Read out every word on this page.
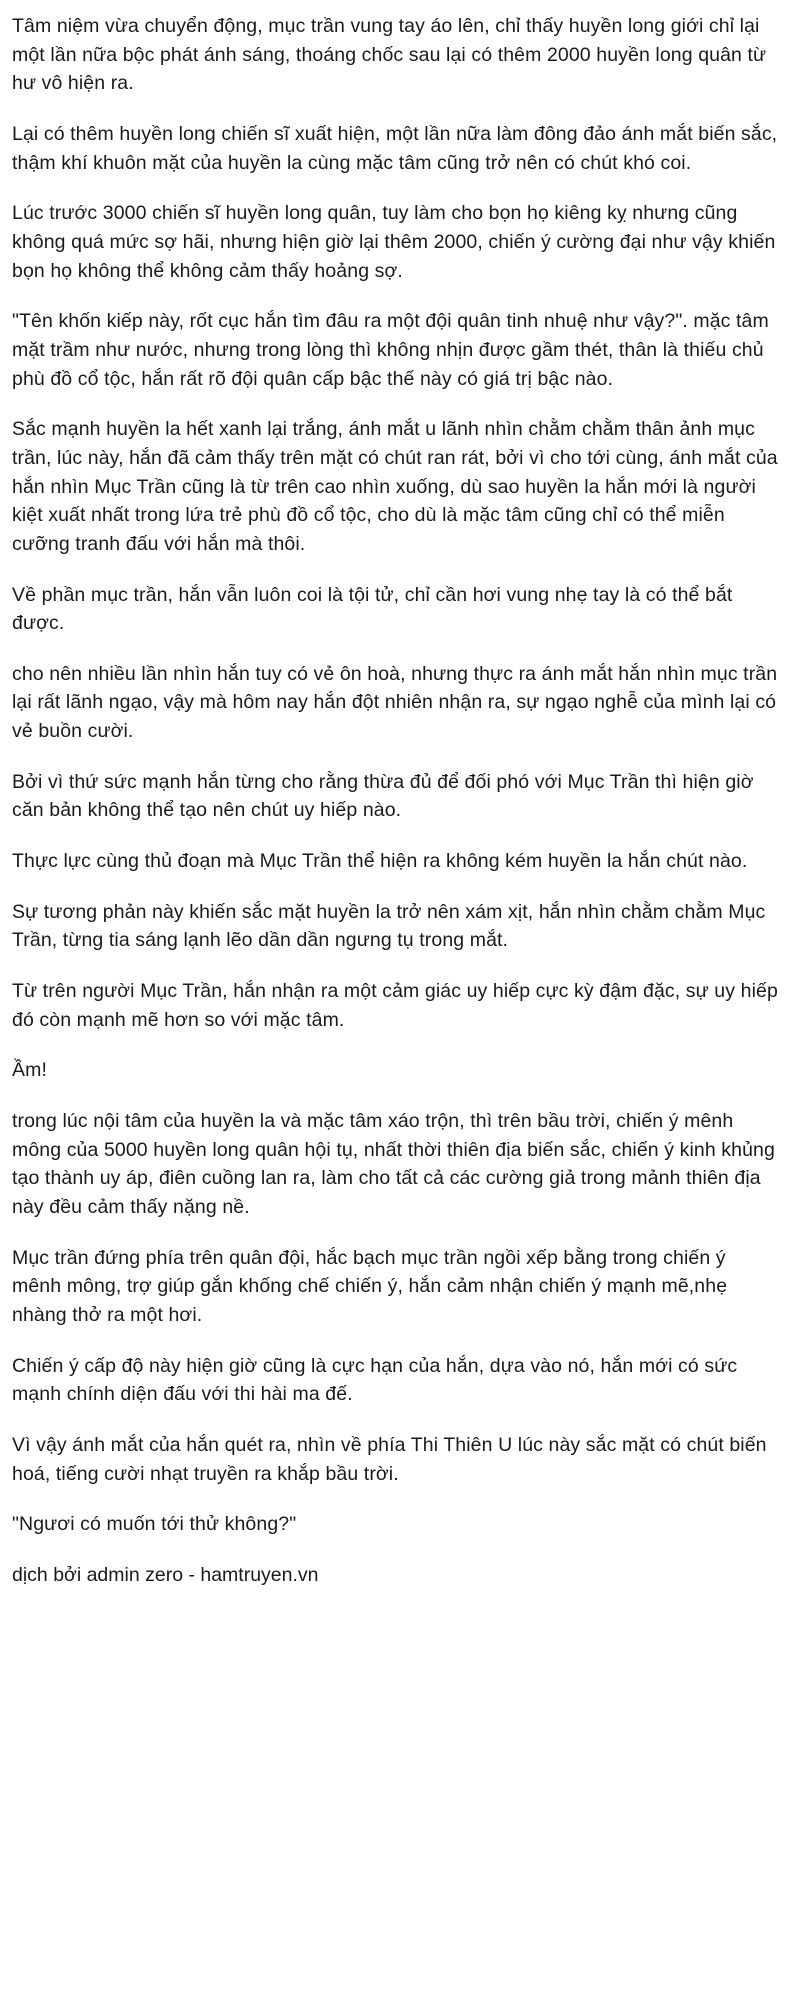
Tâm niệm vừa chuyển động, mục trần vung tay áo lên, chỉ thấy huyền long giới chỉ lại một lần nữa bộc phát ánh sáng, thoáng chốc sau lại có thêm 2000 huyền long quân từ hư vô hiện ra.

Lại có thêm huyền long chiến sĩ xuất hiện, một lần nữa làm đông đảo ánh mắt biến sắc, thậm khí khuôn mặt của huyền la cùng mặc tâm cũng trở nên có chút khó coi.

Lúc trước 3000 chiến sĩ huyền long quân, tuy làm cho bọn họ kiêng kỵ nhưng cũng không quá mức sợ hãi, nhưng hiện giờ lại thêm 2000, chiến ý cường đại như vậy khiến bọn họ không thể không cảm thấy hoảng sợ.

"Tên khốn kiếp này, rốt cục hắn tìm đâu ra một đội quân tinh nhuệ như vậy?". mặc tâm mặt trầm như nước, nhưng trong lòng thì không nhịn được gầm thét, thân là thiếu chủ phù đồ cổ tộc, hắn rất rõ đội quân cấp bậc thế này có giá trị bậc nào.

Sắc mạnh huyền la hết xanh lại trắng, ánh mắt u lãnh nhìn chằm chằm thân ảnh mục trần, lúc này, hắn đã cảm thấy trên mặt có chút ran rát, bởi vì cho tới cùng, ánh mắt của hắn nhìn Mục Trần cũng là từ trên cao nhìn xuống, dù sao huyền la hắn mới là người kiệt xuất nhất trong lứa trẻ phù đồ cổ tộc, cho dù là mặc tâm cũng chỉ có thể miễn cưỡng tranh đấu với hắn mà thôi.

Về phần mục trần, hắn vẫn luôn coi là tội tử, chỉ cần hơi vung nhẹ tay là có thể bắt được.

cho nên nhiều lần nhìn hắn tuy có vẻ ôn hoà, nhưng thực ra ánh mắt hắn nhìn mục trần lại rất lãnh ngạo, vậy mà hôm nay hắn đột nhiên nhận ra, sự ngạo nghễ của mình lại có vẻ buồn cười.

Bởi vì thứ sức mạnh hắn từng cho rằng thừa đủ để đối phó với Mục Trần thì hiện giờ căn bản không thể tạo nên chút uy hiếp nào.

Thực lực cùng thủ đoạn mà Mục Trần thể hiện ra không kém huyền la hắn chút nào.

Sự tương phản này khiến sắc mặt huyền la trở nên xám xịt, hắn nhìn chằm chằm Mục Trần, từng tia sáng lạnh lẽo dần dần ngưng tụ trong mắt.

Từ trên người Mục Trần, hắn nhận ra một cảm giác uy hiếp cực kỳ đậm đặc, sự uy hiếp đó còn mạnh mẽ hơn so với mặc tâm.

Ầm!

trong lúc nội tâm của huyền la và mặc tâm xáo trộn, thì trên bầu trời, chiến ý mênh mông của 5000 huyền long quân hội tụ, nhất thời thiên địa biến sắc, chiến ý kinh khủng tạo thành uy áp, điên cuồng lan ra, làm cho tất cả các cường giả trong mảnh thiên địa này đều cảm thấy nặng nề.

Mục trần đứng phía trên quân đội, hắc bạch mục trần ngồi xếp bằng trong chiến ý mênh mông, trợ giúp gắn khống chế chiến ý, hắn cảm nhận chiến ý mạnh mẽ,nhẹ nhàng thở ra một hơi.

Chiến ý cấp độ này hiện giờ cũng là cực hạn của hắn, dựa vào nó, hắn mới có sức mạnh chính diện đấu với thi hài ma đế.

Vì vậy ánh mắt của hắn quét ra, nhìn về phía Thi Thiên U lúc này sắc mặt có chút biến hoá, tiếng cười nhạt truyền ra khắp bầu trời.

"Ngươi có muốn tới thử không?"

dịch bởi admin zero - hamtruyen.vn
